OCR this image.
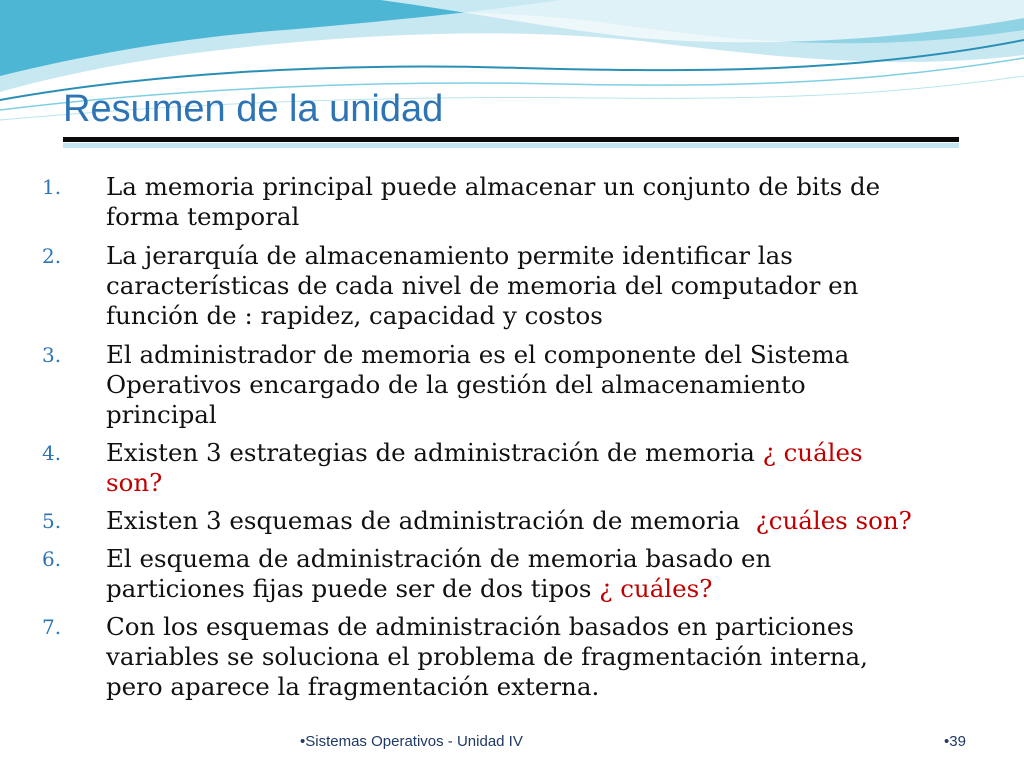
Resumen de la unidad
1.	La memoria principal puede almacenar un conjunto de bits de
forma temporal
2.	La jerarquía de almacenamiento permite identificar las
características de cada nivel de memoria del computador en
función de : rapidez, capacidad y costos
3.	El administrador de memoria es el componente del Sistema
Operativos encargado de la gestión del almacenamiento
principal
4.	Existen 3 estrategias de administración de memoria ¿ cuáles
son?
5.	Existen 3 esquemas de administración de memoria  ¿cuáles son?
6.	El esquema de administración de memoria basado en
particiones fijas puede ser de dos tipos ¿ cuáles?
7.	Con los esquemas de administración basados en particiones
variables se soluciona el problema de fragmentación interna,
pero aparece la fragmentación externa.
•Sistemas Operativos - Unidad IV	•39
